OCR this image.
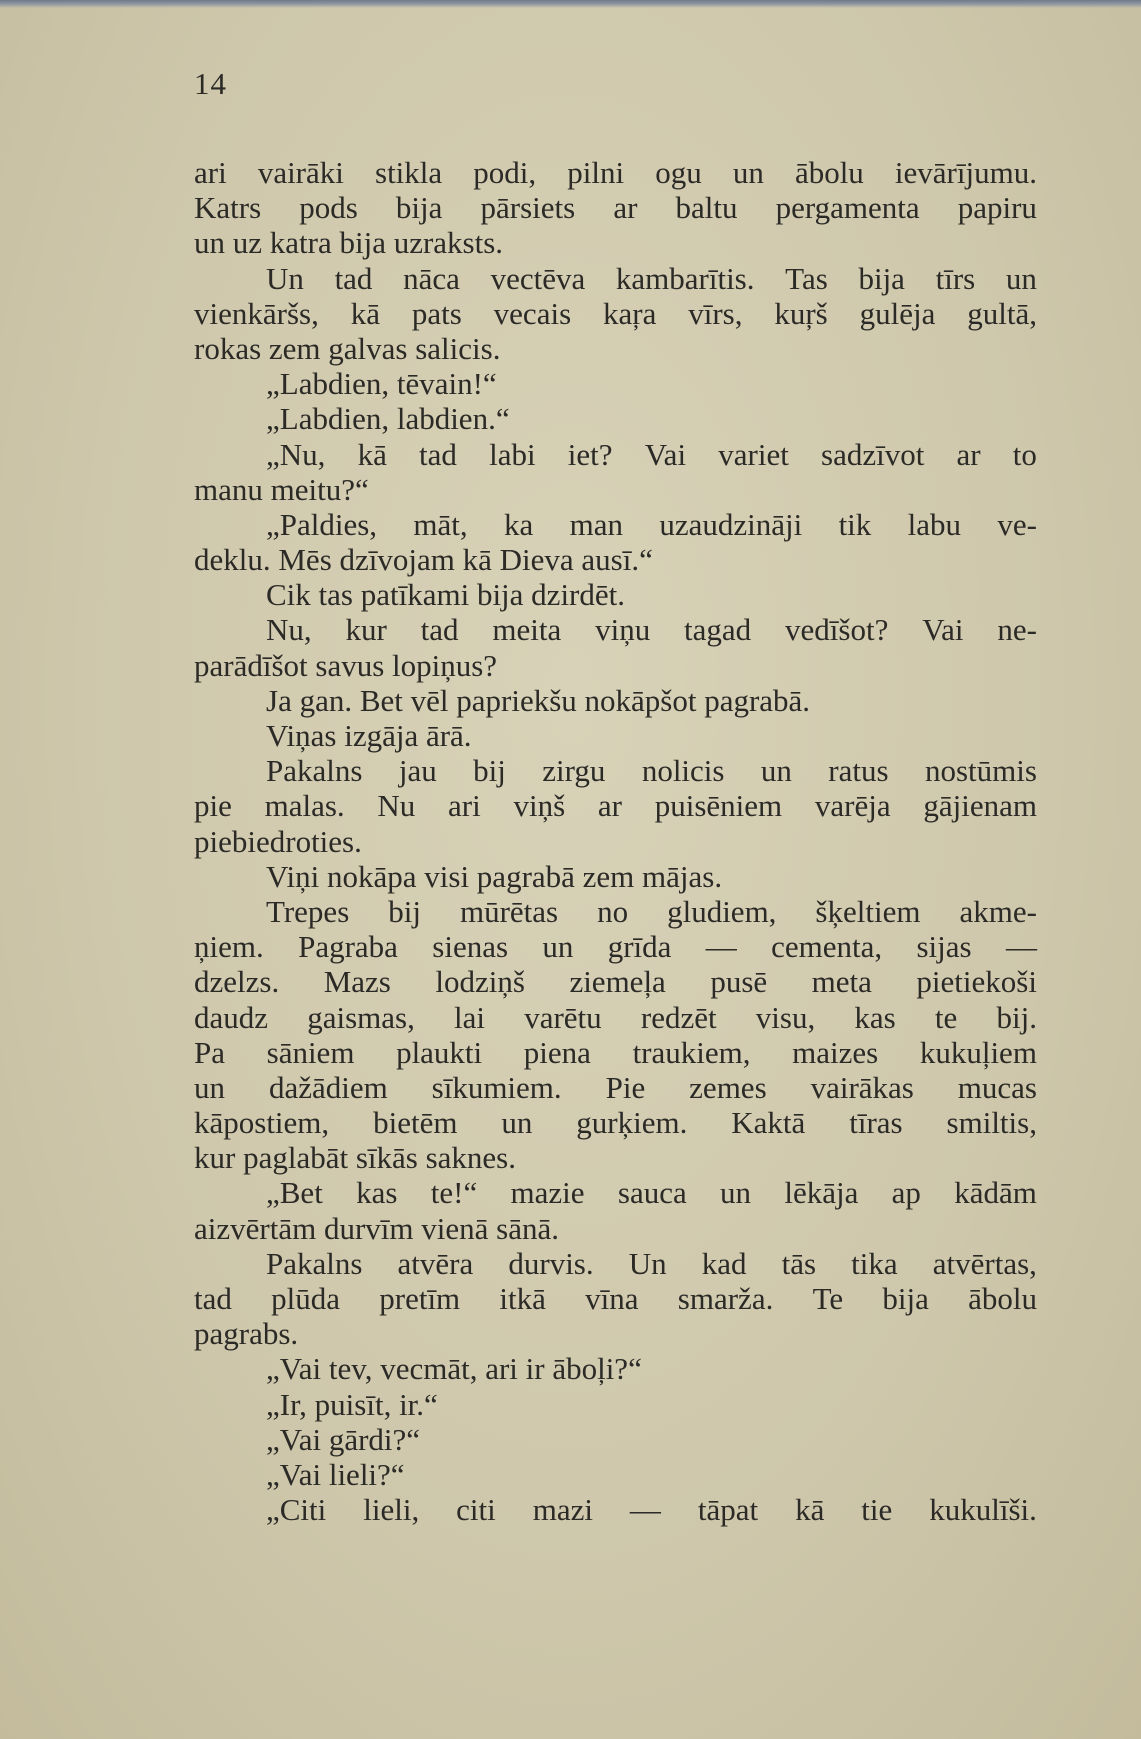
14
ari vairāki stikla podi, pilni ogu un ābolu ievārījumu.
Katrs pods bija pārsiets ar baltu pergamenta papiru
un uz katra bija uzraksts.
Un tad nāca vectēva kambarītis. Tas bija tīrs un
vienkāršs, kā pats vecais kaŗa vīrs, kuŗš gulēja gultā,
rokas zem galvas salicis.
„Labdien, tēvain!“
„Labdien, labdien.“
„Nu, kā tad labi iet? Vai variet sadzīvot ar to
manu meitu?“
„Paldies, māt, ka man uzaudzināji tik labu ve-
deklu. Mēs dzīvojam kā Dieva ausī.“
Cik tas patīkami bija dzirdēt.
Nu, kur tad meita viņu tagad vedīšot? Vai ne-
parādīšot savus lopiņus?
Ja gan. Bet vēl papriekšu nokāpšot pagrabā.
Viņas izgāja ārā.
Pakalns jau bij zirgu nolicis un ratus nostūmis
pie malas. Nu ari viņš ar puisēniem varēja gājienam
piebiedroties.
Viņi nokāpa visi pagrabā zem mājas.
Trepes bij mūrētas no gludiem, šķeltiem akme-
ņiem. Pagraba sienas un grīda — cementa, sijas —
dzelzs. Mazs lodziņš ziemeļa pusē meta pietiekoši
daudz gaismas, lai varētu redzēt visu, kas te bij.
Pa sāniem plaukti piena traukiem, maizes kukuļiem
un dažādiem sīkumiem. Pie zemes vairākas mucas
kāpostiem, bietēm un gurķiem. Kaktā tīras smiltis,
kur paglabāt sīkās saknes.
„Bet kas te!“ mazie sauca un lēkāja ap kādām
aizvērtām durvīm vienā sānā.
Pakalns atvēra durvis. Un kad tās tika atvērtas,
tad plūda pretīm itkā vīna smarža. Te bija ābolu
pagrabs.
„Vai tev, vecmāt, ari ir āboļi?“
„Ir, puisīt, ir.“
„Vai gārdi?“
„Vai lieli?“
„Citi lieli, citi mazi — tāpat kā tie kukulīši.
